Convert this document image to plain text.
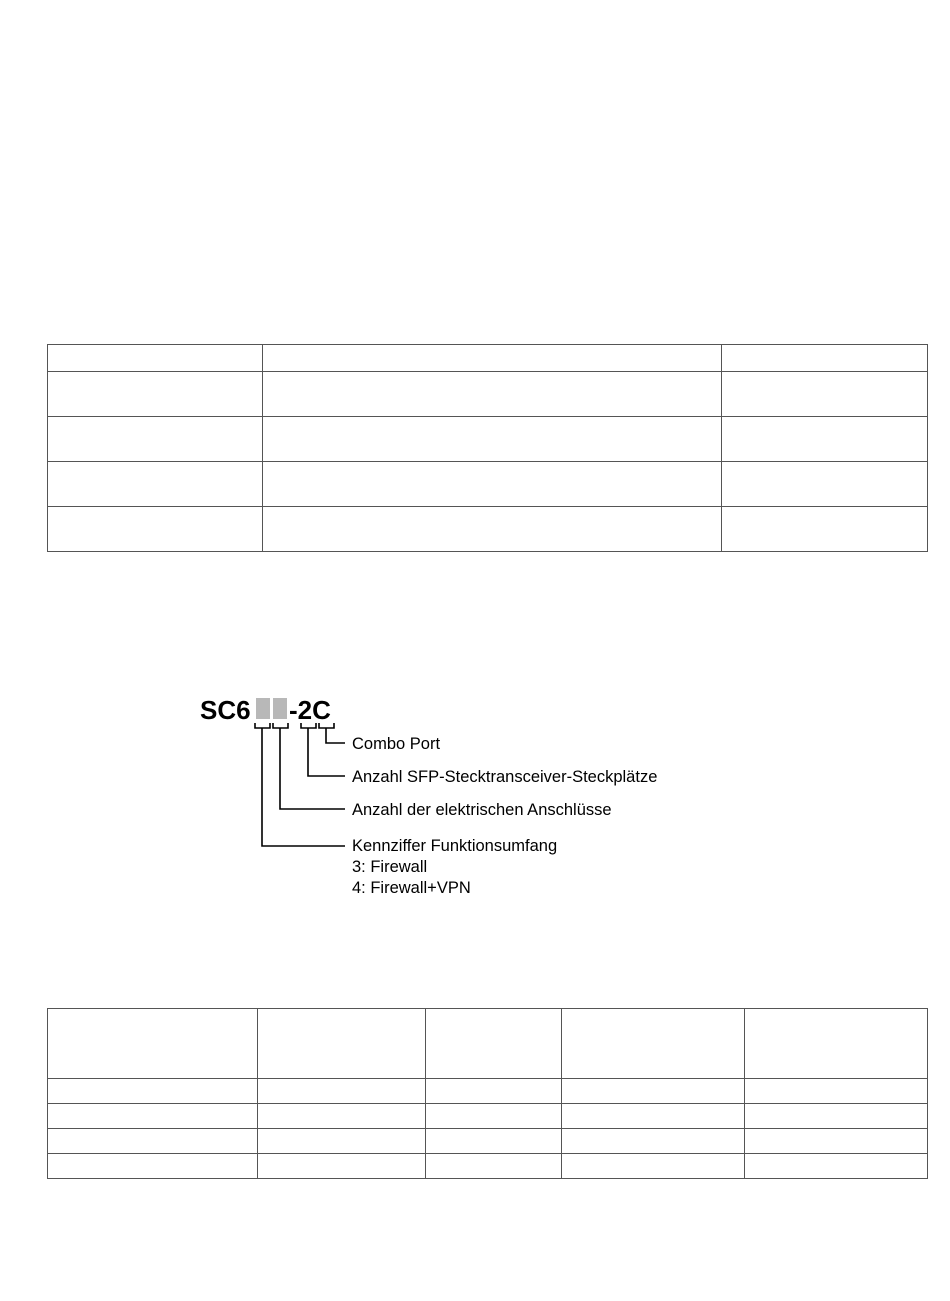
SC6 -2C
Combo Port
Anzahl SFP-Stecktransceiver-Steckplätze
Anzahl der elektrischen Anschlüsse
Kennziffer Funktionsumfang
3: Firewall
4: Firewall+VPN
